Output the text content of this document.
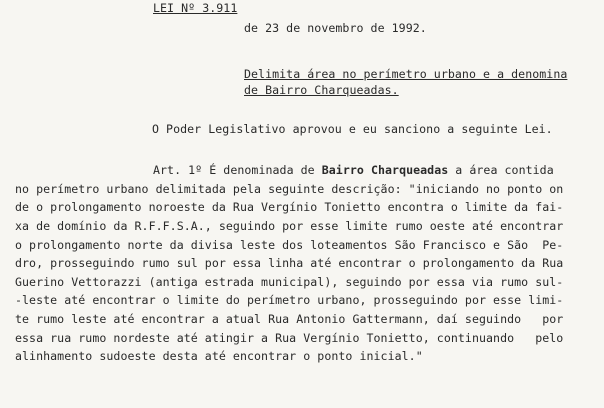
LEI Nº 3.911
de 23 de novembro de 1992.
Delimita área no perímetro urbano e a denomina
de Bairro Charqueadas.
O Poder Legislativo aprovou e eu sanciono a seguinte Lei.
Art. 1º É denominada de Bairro Charqueadas a área contida
no perímetro urbano delimitada pela seguinte descrição: "iniciando no ponto on
de o prolongamento noroeste da Rua Vergínio Tonietto encontra o limite da fai-
xa de domínio da R.F.F.S.A., seguindo por esse limite rumo oeste até encontrar
o prolongamento norte da divisa leste dos loteamentos São Francisco e São  Pe-
dro, prosseguindo rumo sul por essa linha até encontrar o prolongamento da Rua
Guerino Vettorazzi (antiga estrada municipal), seguindo por essa via rumo sul-
-leste até encontrar o limite do perímetro urbano, prosseguindo por esse limi-
te rumo leste até encontrar a atual Rua Antonio Gattermann, daí seguindo   por
essa rua rumo nordeste até atingir a Rua Vergínio Tonietto, continuando   pelo
alinhamento sudoeste desta até encontrar o ponto inicial."
